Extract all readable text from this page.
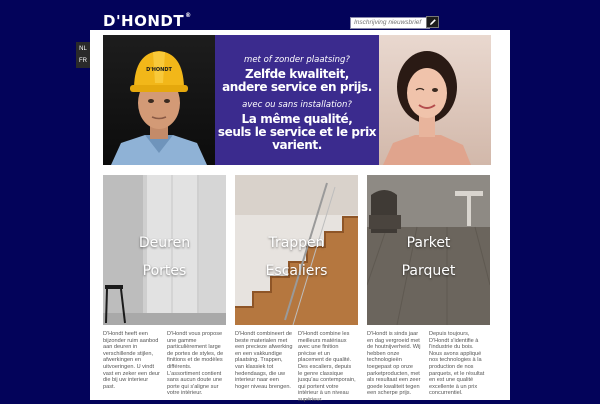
D'HONDT®
Inschrijving nieuwsbrief
NL
FR
D'HONDT
met of zonder plaatsing?
Zelfde kwaliteit,
andere service en prijs.
avec ou sans installation?
La même qualité,
seuls le service et le prix
varient.
Deuren
Portes
Trappen
Escaliers
Parket
Parquet
D'Hondt heeft een bijzonder ruim aanbod aan deuren in verschillende stijlen, afwerkingen en uitvoeringen. U vindt vast en zeker een deur die bij uw interieur past.
D'Hondt vous propose une gamme particulièrement large de portes de styles, de finitions et de modèles différents. L'assortiment contient sans aucun doute une porte qui s'aligne sur votre intérieur.
D'Hondt combineert de beste materialen met een precieze afwerking en een vakkundige plaatsing. Trappen, van klassiek tot hedendaags, die uw interieur naar een hoger niveau brengen.
D'Hondt combine les meilleurs matériaux avec une finition précise et un placement de qualité. Des escaliers, depuis le genre classique jusqu'au contemporain, qui portent votre intérieur à un niveau supérieur.
D'Hondt is sinds jaar en dag vergroeid met de houtnijverheid. Wij hebben onze technologieën toegepast op onze parketproducten, met als resultaat een zeer goede kwaliteit tegen een scherpe prijs.
Depuis toujours, D'Hondt s'identifie à l'industrie du bois. Nous avons appliqué nos technologies à la production de nos parquets, et le résultat en est une qualité excellente à un prix concurrentiel.
